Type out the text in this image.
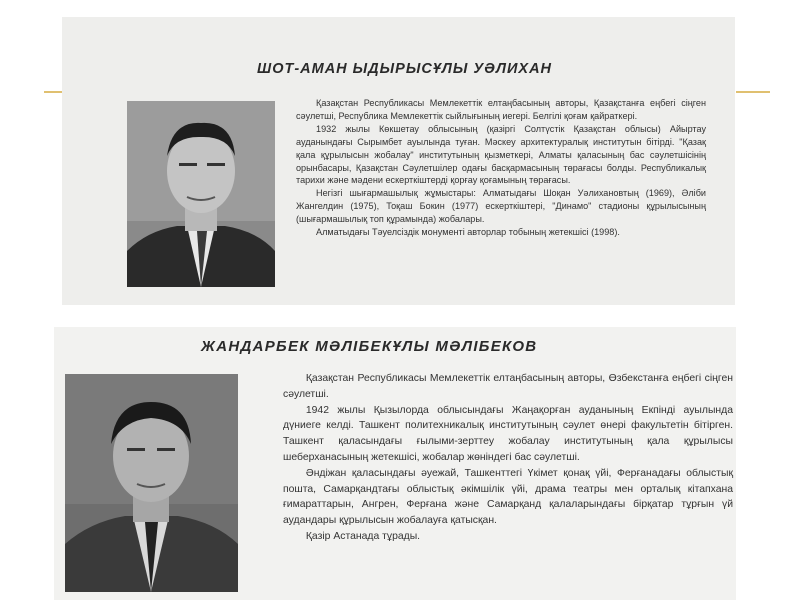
ШОТ-АМАН ЫДЫРЫСҰЛЫ УӘЛИХАН

Қазақстан Республикасы Мемлекеттік елтаңбасының авторы, Қазақстанға еңбегі сіңген сәулетші, Республика Мемлекеттік сыйлығының иегері. Белгілі қоғам қайраткері.

1932 жылы Көкшетау облысының (қазіргі Солтүстік Қазақстан облысы) Айыртау ауданындағы Сырымбет ауылында туған. Мәскеу архитектуралық институтын бітірді. "Қазақ қала құрылысын жобалау" институтының қызметкері, Алматы қаласының бас сәулетшісінің орынбасары, Қазақстан Сәулетшілер одағы басқармасының төрағасы болды. Республикалық тарихи және мәдени ескерткіштерді қорғау қоғамының төрағасы.

Негізгі шығармашылық жұмыстары: Алматыдағы Шоқан Уәлихановтың (1969), Әліби Жангелдин (1975), Тоқаш Бокин (1977) ескерткіштері, "Динамо" стадионы құрылысының (шығармашылық топ құрамында) жобалары.

Алматыдағы Тәуелсіздік монументі авторлар тобының жетекшісі (1998).

ЖАНДАРБЕК МӘЛІБЕКҰЛЫ МӘЛІБЕКОВ

Қазақстан Республикасы Мемлекеттік елтаңбасының авторы, Өзбекстанға еңбегі сіңген сәулетші.

1942 жылы Қызылорда облысындағы Жаңақорған ауданының Екпінді ауылында дүниеге келді. Ташкент политехникалық институтының сәулет өнері факультетін бітірген. Ташкент қаласындағы ғылыми-зерттеу жобалау институтының қала құрылысы шеберханасының жетекшісі, жобалар жөніндегі бас сәулетші.

Әндіжан қаласындағы әуежай, Ташкенттегі Үкімет қонақ үйі, Ферғанадағы облыстық пошта, Самарқандтағы облыстық әкімшілік үйі, драма театры мен орталық кітапхана ғимараттарын, Ангрен, Ферғана және Самарқанд қалаларындағы бірқатар тұрғын үй аудандары құрылысын жобалауға қатысқан.

Қазір Астанада тұрады.
